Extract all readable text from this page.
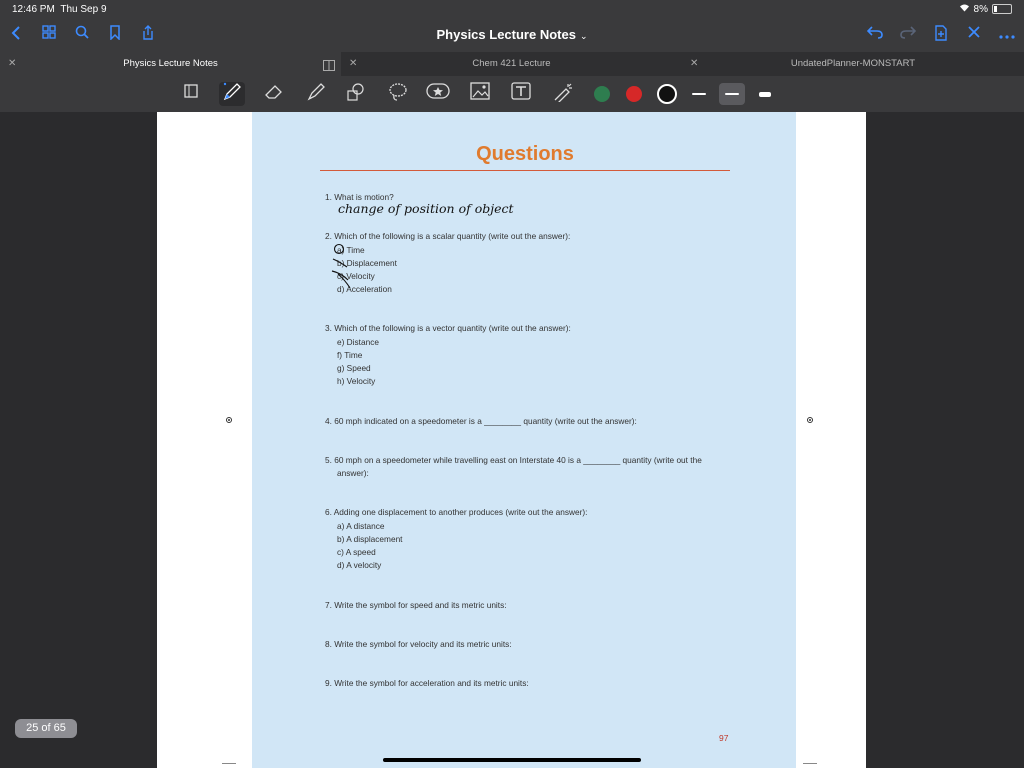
12:46 PM Thu Sep 9	8%
Physics Lecture Notes ⌄
✕	Physics Lecture Notes	✕	Chem 421 Lecture	✕	UndatedPlanner-MONSTART
Questions
1. What is motion?
change of position of object
2. Which of the following is a scalar quantity (write out the answer):
a) Time
b) Displacement
c) Velocity
d) Acceleration
3. Which of the following is a vector quantity (write out the answer):
e) Distance
f) Time
g) Speed
h) Velocity
4. 60 mph indicated on a speedometer is a ________ quantity (write out the answer):
5. 60 mph on a speedometer while travelling east on Interstate 40 is a ________ quantity (write out the
answer):
6. Adding one displacement to another produces (write out the answer):
a) A distance
b) A displacement
c) A speed
d) A velocity
7. Write the symbol for speed and its metric units:
8. Write the symbol for velocity and its metric units:
9. Write the symbol for acceleration and its metric units:
97
25 of 65
